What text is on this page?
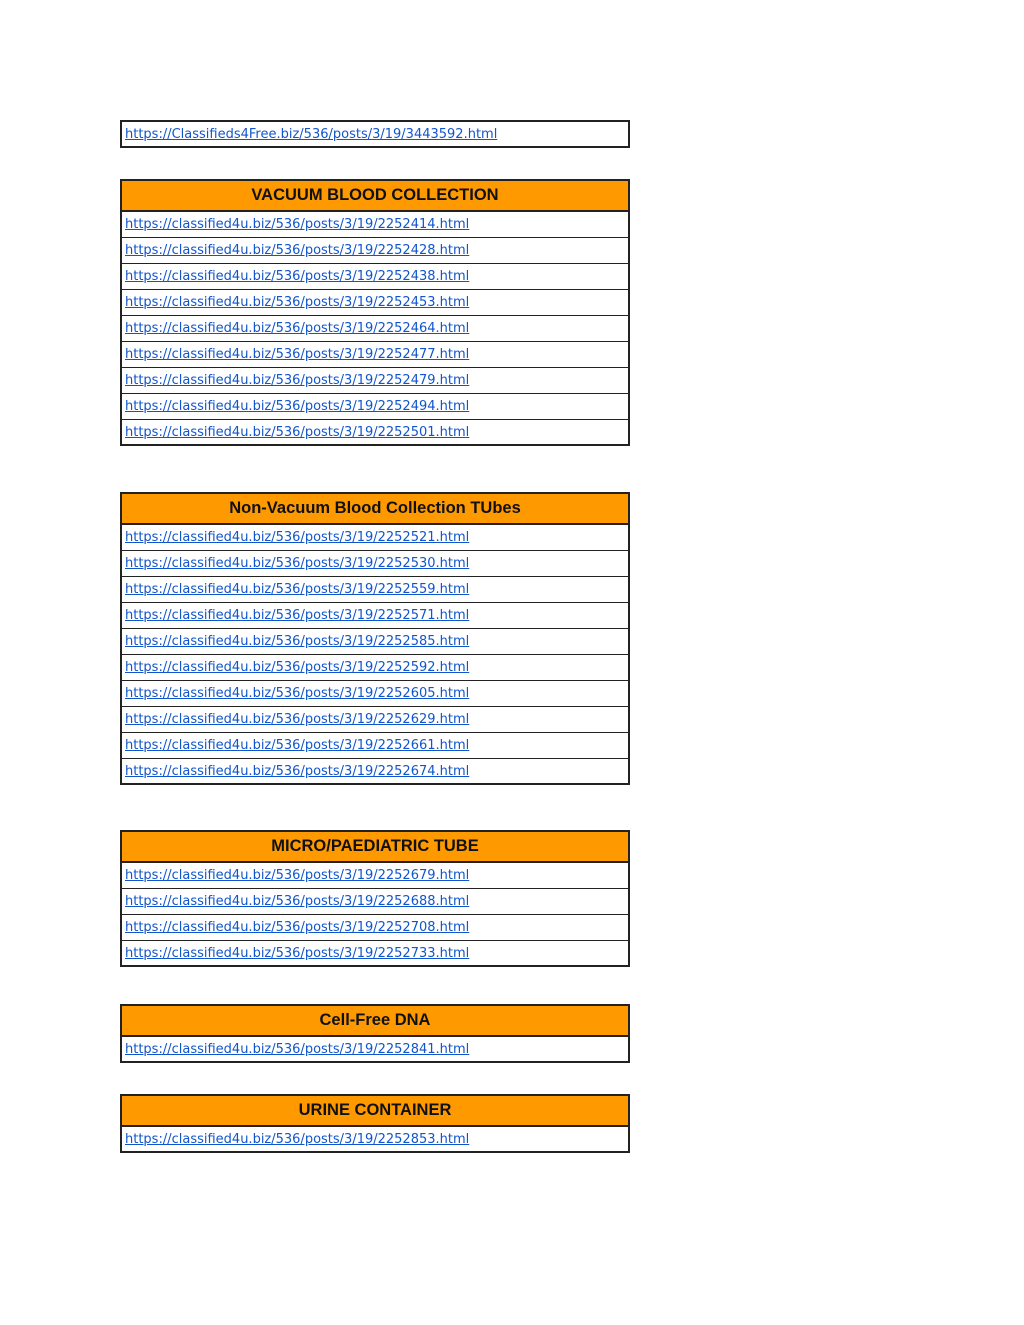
https://Classifieds4Free.biz/536/posts/3/19/3443592.html
VACUUM BLOOD COLLECTION
https://classified4u.biz/536/posts/3/19/2252414.html
https://classified4u.biz/536/posts/3/19/2252428.html
https://classified4u.biz/536/posts/3/19/2252438.html
https://classified4u.biz/536/posts/3/19/2252453.html
https://classified4u.biz/536/posts/3/19/2252464.html
https://classified4u.biz/536/posts/3/19/2252477.html
https://classified4u.biz/536/posts/3/19/2252479.html
https://classified4u.biz/536/posts/3/19/2252494.html
https://classified4u.biz/536/posts/3/19/2252501.html
Non-Vacuum Blood Collection TUbes
https://classified4u.biz/536/posts/3/19/2252521.html
https://classified4u.biz/536/posts/3/19/2252530.html
https://classified4u.biz/536/posts/3/19/2252559.html
https://classified4u.biz/536/posts/3/19/2252571.html
https://classified4u.biz/536/posts/3/19/2252585.html
https://classified4u.biz/536/posts/3/19/2252592.html
https://classified4u.biz/536/posts/3/19/2252605.html
https://classified4u.biz/536/posts/3/19/2252629.html
https://classified4u.biz/536/posts/3/19/2252661.html
https://classified4u.biz/536/posts/3/19/2252674.html
MICRO/PAEDIATRIC TUBE
https://classified4u.biz/536/posts/3/19/2252679.html
https://classified4u.biz/536/posts/3/19/2252688.html
https://classified4u.biz/536/posts/3/19/2252708.html
https://classified4u.biz/536/posts/3/19/2252733.html
Cell-Free DNA
https://classified4u.biz/536/posts/3/19/2252841.html
URINE CONTAINER
https://classified4u.biz/536/posts/3/19/2252853.html
